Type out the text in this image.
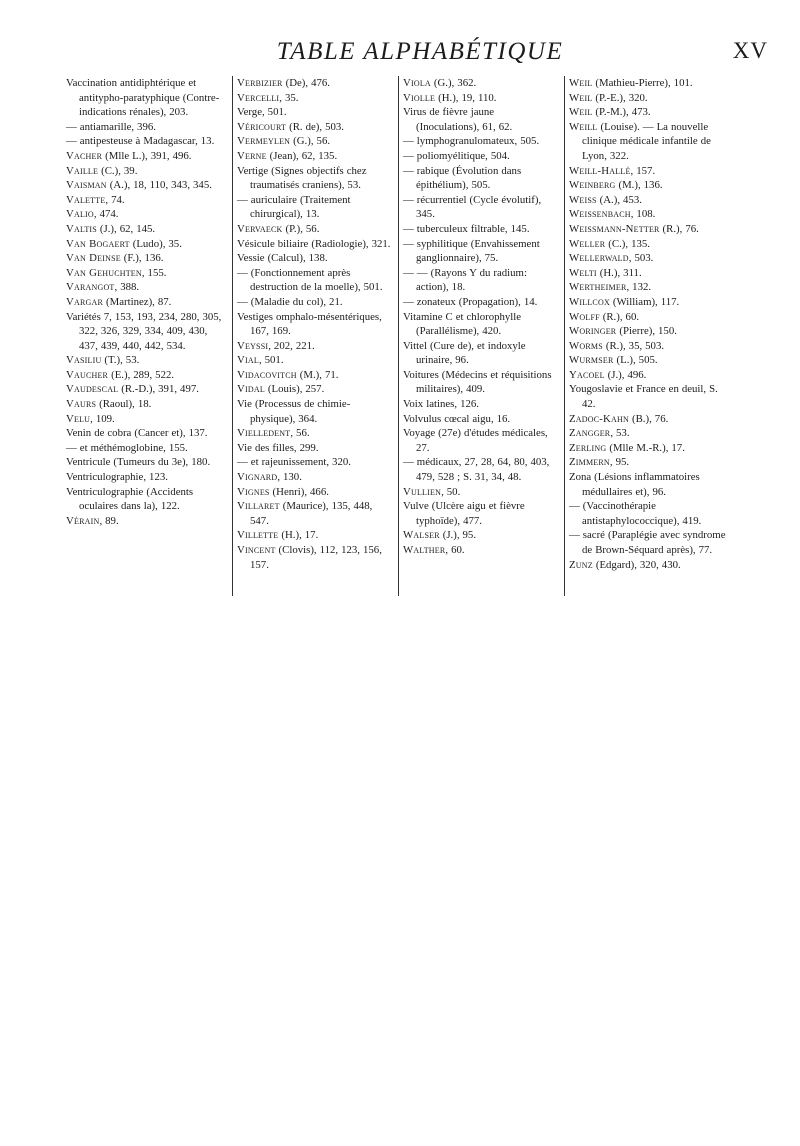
TABLE ALPHABÉTIQUE	XV
Vaccination antidiphtérique et antitypho-paratyphique (Contre-indications rénales), 203.
— antiamarille, 396.
— antipesteuse à Madagascar, 13.
Vacher (Mlle L.), 391, 496.
Vaille (C.), 39.
Vaisman (A.), 18, 110, 343, 345.
Valette, 74.
Valio, 474.
Valtis (J.), 62, 145.
Van Bogaert (Ludo), 35.
Van Deinse (F.), 136.
Van Gehuchten, 155.
Varangot, 388.
Vargar (Martinez), 87.
Variétés 7, 153, 193, 234, 280, 305, 322, 326, 329, 334, 409, 430, 437, 439, 440, 442, 534.
Vasiliu (T.), 53.
Vaucher (E.), 289, 522.
Vaudescal (R.-D.), 391, 497.
Vaurs (Raoul), 18.
Velu, 109.
Venin de cobra (Cancer et), 137.
— et méthémoglobine, 155.
Ventricule (Tumeurs du 3e), 180.
Ventriculographie, 123.
Ventriculographie (Accidents oculaires dans la), 122.
Vérain, 89.
Verbizier (De), 476.
Vercelli, 35.
Verge, 501.
Véricourt (R. de), 503.
Vermeylen (G.), 56.
Verne (Jean), 62, 135.
Vertige (Signes objectifs chez traumatisés craniens), 53.
— auriculaire (Traitement chirurgical), 13.
Vervaeck (P.), 56.
Vésicule biliaire (Radiologie), 321.
Vessie (Calcul), 138.
— (Fonctionnement après destruction de la moelle), 501.
— (Maladie du col), 21.
Vestiges omphalo-mésentériques, 167, 169.
Veyssi, 202, 221.
Vial, 501.
Vidacovitch (M.), 71.
Vidal (Louis), 257.
Vie (Processus de chimie-physique), 364.
Vielledent, 56.
Vie des filles, 299.
— et rajeunissement, 320.
Vignard, 130.
Vignes (Henri), 466.
Villaret (Maurice), 135, 448, 547.
Villette (H.), 17.
Vincent (Clovis), 112, 123, 156, 157.
Viola (G.), 362.
Violle (H.), 19, 110.
Virus de fièvre jaune (Inoculations), 61, 62.
— lymphogranulomateux, 505.
— poliomyélitique, 504.
— rabique (Évolution dans épithélium), 505.
— récurrentiel (Cycle évolutif), 345.
— tuberculeux filtrable, 145.
— syphilitique (Envahissement ganglionnaire), 75.
— — (Rayons Y du radium: action), 18.
— zonateux (Propagation), 14.
Vitamine C et chlorophylle (Parallélisme), 420.
Vittel (Cure de), et indoxyle urinaire, 96.
Voitures (Médecins et réquisitions militaires), 409.
Voix latines, 126.
Volvulus cœcal aigu, 16.
Voyage (27e) d'études médicales, 27.
— médicaux, 27, 28, 64, 80, 403, 479, 528 ; S. 31, 34, 48.
Vullien, 50.
Vulve (Ulcère aigu et fièvre typhoïde), 477.
Walser (J.), 95.
Walther, 60.
Weil (Mathieu-Pierre), 101.
Weil (P.-E.), 320.
Weil (P.-M.), 473.
Weill (Louise). — La nouvelle clinique médicale infantile de Lyon, 322.
Weill-Hallé, 157.
Weinberg (M.), 136.
Weiss (A.), 453.
Weissenbach, 108.
Weissmann-Netter (R.), 76.
Weller (C.), 135.
Wellerwald, 503.
Welti (H.), 311.
Wertheimer, 132.
Willcox (William), 117.
Wolff (R.), 60.
Woringer (Pierre), 150.
Worms (R.), 35, 503.
Wurmser (L.), 505.
Yacoel (J.), 496.
Yougoslavie et France en deuil, S. 42.
Zadoc-Kahn (B.), 76.
Zangger, 53.
Zerling (Mlle M.-R.), 17.
Zimmern, 95.
Zona (Lésions inflammatoires médullaires et), 96.
— (Vaccinothérapie antistaphylococcique), 419.
— sacré (Paraplégie avec syndrome de Brown-Séquard après), 77.
Zunz (Edgard), 320, 430.
